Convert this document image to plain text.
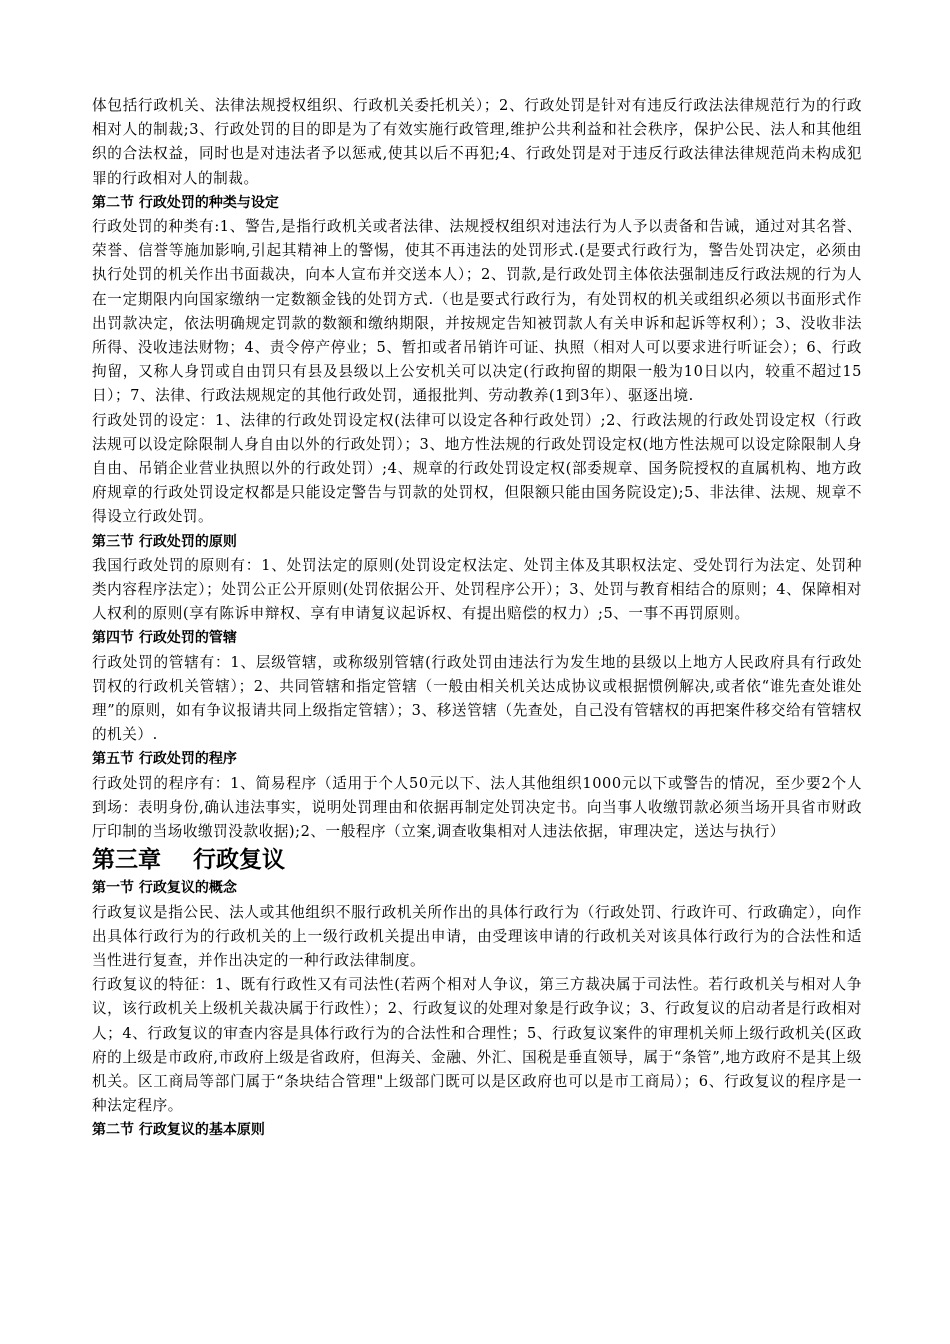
体包括行政机关、法律法规授权组织、行政机关委托机关）；2、行政处罚是针对有违反行政法法律规范行为的行政相对人的制裁;3、行政处罚的目的即是为了有效实施行政管理,维护公共利益和社会秩序，保护公民、法人和其他组织的合法权益，同时也是对违法者予以惩戒,使其以后不再犯;4、行政处罚是对于违反行政法律法律规范尚未构成犯罪的行政相对人的制裁。

第二节 行政处罚的种类与设定

行政处罚的种类有:1、警告,是指行政机关或者法律、法规授权组织对违法行为人予以责备和告诫，通过对其名誉、荣誉、信誉等施加影响,引起其精神上的警惕，使其不再违法的处罚形式.(是要式行政行为，警告处罚决定，必须由执行处罚的机关作出书面裁决，向本人宣布并交送本人）；2、罚款,是行政处罚主体依法强制违反行政法规的行为人在一定期限内向国家缴纳一定数额金钱的处罚方式.（也是要式行政行为，有处罚权的机关或组织必须以书面形式作出罚款决定，依法明确规定罚款的数额和缴纳期限，并按规定告知被罚款人有关申诉和起诉等权利）；3、没收非法所得、没收违法财物；4、责令停产停业；5、暂扣或者吊销许可证、执照（相对人可以要求进行听证会）；6、行政拘留，又称人身罚或自由罚只有县及县级以上公安机关可以决定(行政拘留的期限一般为10日以内，较重不超过15日）；7、法律、行政法规规定的其他行政处罚，通报批判、劳动教养(1到3年）、驱逐出境.

行政处罚的设定：1、法律的行政处罚设定权(法律可以设定各种行政处罚）;2、行政法规的行政处罚设定权（行政法规可以设定除限制人身自由以外的行政处罚）；3、地方性法规的行政处罚设定权(地方性法规可以设定除限制人身自由、吊销企业营业执照以外的行政处罚）;4、规章的行政处罚设定权(部委规章、国务院授权的直属机构、地方政府规章的行政处罚设定权都是只能设定警告与罚款的处罚权，但限额只能由国务院设定);5、非法律、法规、规章不得设立行政处罚。

第三节 行政处罚的原则

我国行政处罚的原则有：1、处罚法定的原则(处罚设定权法定、处罚主体及其职权法定、受处罚行为法定、处罚种类内容程序法定）；处罚公正公开原则(处罚依据公开、处罚程序公开）；3、处罚与教育相结合的原则；4、保障相对人权利的原则(享有陈诉申辩权、享有申请复议起诉权、有提出赔偿的权力）;5、一事不再罚原则。

第四节 行政处罚的管辖

行政处罚的管辖有：1、层级管辖，或称级别管辖(行政处罚由违法行为发生地的县级以上地方人民政府具有行政处罚权的行政机关管辖）；2、共同管辖和指定管辖（一般由相关机关达成协议或根据惯例解决,或者依“谁先查处谁处理”的原则，如有争议报请共同上级指定管辖）；3、移送管辖（先查处，自己没有管辖权的再把案件移交给有管辖权的机关）.

第五节 行政处罚的程序

行政处罚的程序有：1、简易程序（适用于个人50元以下、法人其他组织1000元以下或警告的情况，至少要2个人到场：表明身份,确认违法事实，说明处罚理由和依据再制定处罚决定书。向当事人收缴罚款必须当场开具省市财政厅印制的当场收缴罚没款收据);2、一般程序（立案,调查收集相对人违法依据，审理决定，送达与执行）

第三章    行政复议

第一节 行政复议的概念

行政复议是指公民、法人或其他组织不服行政机关所作出的具体行政行为（行政处罚、行政许可、行政确定），向作出具体行政行为的行政机关的上一级行政机关提出申请，由受理该申请的行政机关对该具体行政行为的合法性和适当性进行复查，并作出决定的一种行政法律制度。

行政复议的特征：1、既有行政性又有司法性(若两个相对人争议，第三方裁决属于司法性。若行政机关与相对人争议，该行政机关上级机关裁决属于行政性）；2、行政复议的处理对象是行政争议；3、行政复议的启动者是行政相对人；4、行政复议的审查内容是具体行政行为的合法性和合理性；5、行政复议案件的审理机关师上级行政机关(区政府的上级是市政府,市政府上级是省政府，但海关、金融、外汇、国税是垂直领导，属于“条管”,地方政府不是其上级机关。区工商局等部门属于“条块结合管理"上级部门既可以是区政府也可以是市工商局）；6、行政复议的程序是一种法定程序。

第二节 行政复议的基本原则
